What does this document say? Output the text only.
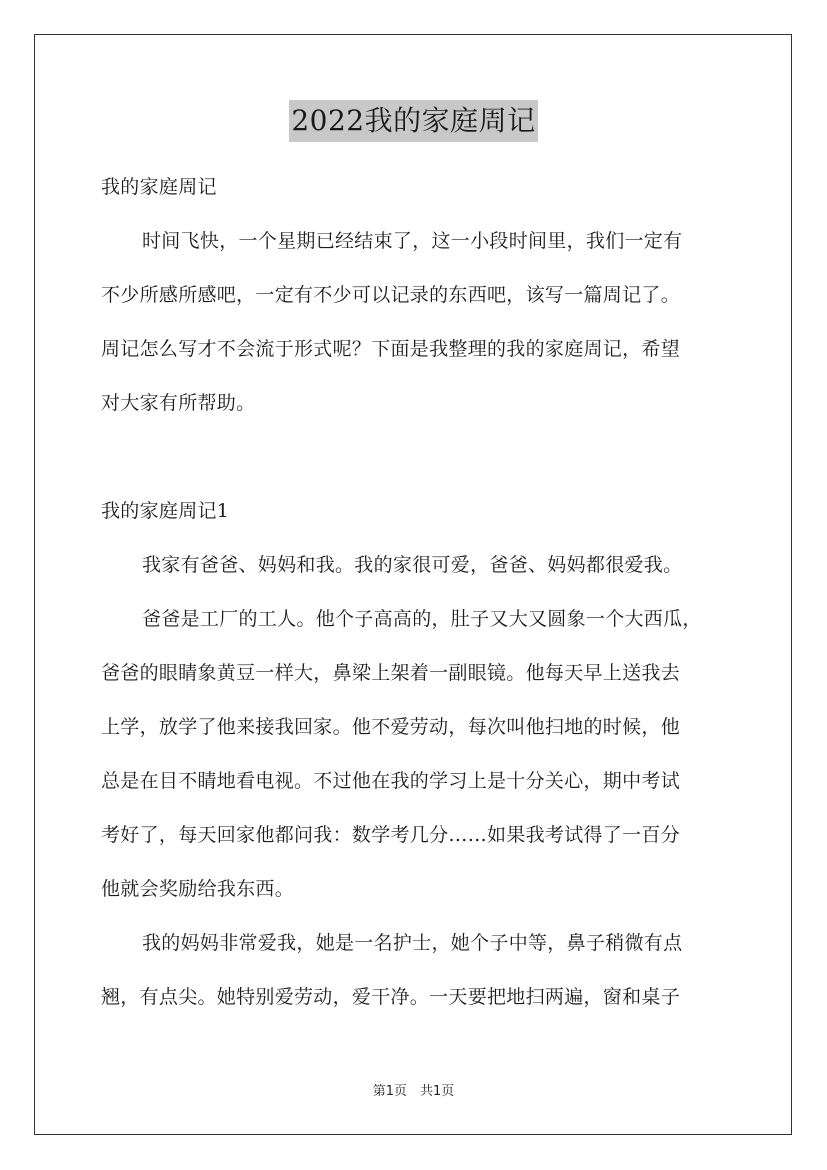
2022我的家庭周记

我的家庭周记

时间飞快，一个星期已经结束了，这一小段时间里，我们一定有

不少所感所感吧，一定有不少可以记录的东西吧，该写一篇周记了。

周记怎么写才不会流于形式呢？下面是我整理的我的家庭周记，希望

对大家有所帮助。

我的家庭周记1

我家有爸爸、妈妈和我。我的家很可爱，爸爸、妈妈都很爱我。

爸爸是工厂的工人。他个子高高的，肚子又大又圆象一个大西瓜，

爸爸的眼睛象黄豆一样大，鼻梁上架着一副眼镜。他每天早上送我去

上学，放学了他来接我回家。他不爱劳动，每次叫他扫地的时候，他

总是在目不睛地看电视。不过他在我的学习上是十分关心，期中考试

考好了，每天回家他都问我：数学考几分……如果我考试得了一百分

他就会奖励给我东西。

我的妈妈非常爱我，她是一名护士，她个子中等，鼻子稍微有点

翘，有点尖。她特别爱劳动，爱干净。一天要把地扫两遍，窗和桌子

第1页　共1页
